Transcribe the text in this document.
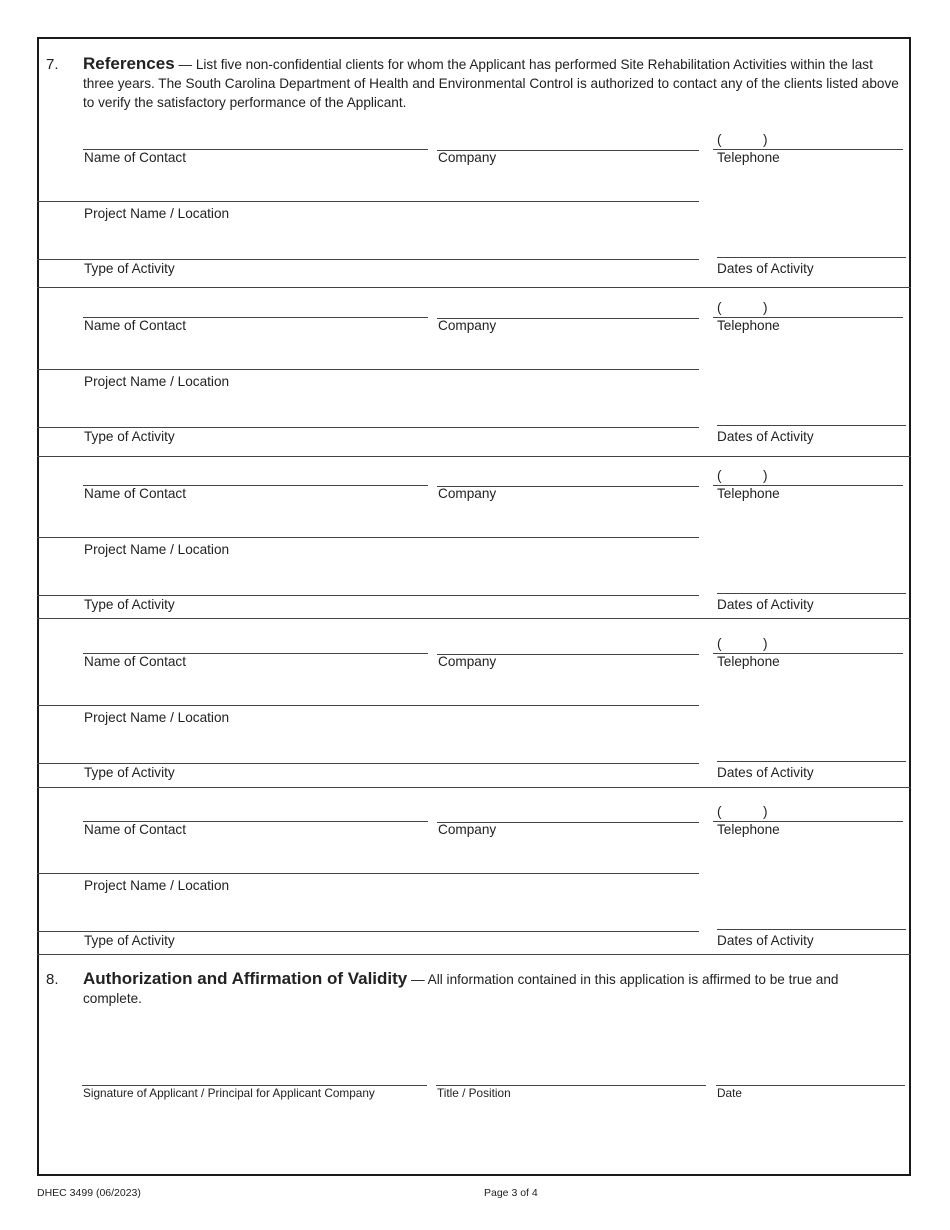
7. References — List five non-confidential clients for whom the Applicant has performed Site Rehabilitation Activities within the last three years. The South Carolina Department of Health and Environmental Control is authorized to contact any of the clients listed above to verify the satisfactory performance of the Applicant.
(	)
Name of Contact	Company	Telephone
Project Name / Location
Type of Activity	Dates of Activity
(	)
Name of Contact	Company	Telephone
Project Name / Location
Type of Activity	Dates of Activity
(	)
Name of Contact	Company	Telephone
Project Name / Location
Type of Activity	Dates of Activity
(	)
Name of Contact	Company	Telephone
Project Name / Location
Type of Activity	Dates of Activity
(	)
Name of Contact	Company	Telephone
Project Name / Location
Type of Activity	Dates of Activity
8. Authorization and Affirmation of Validity — All information contained in this application is affirmed to be true and complete.
Signature of Applicant / Principal for Applicant Company	Title / Position	Date
DHEC 3499 (06/2023)	Page 3 of 4
